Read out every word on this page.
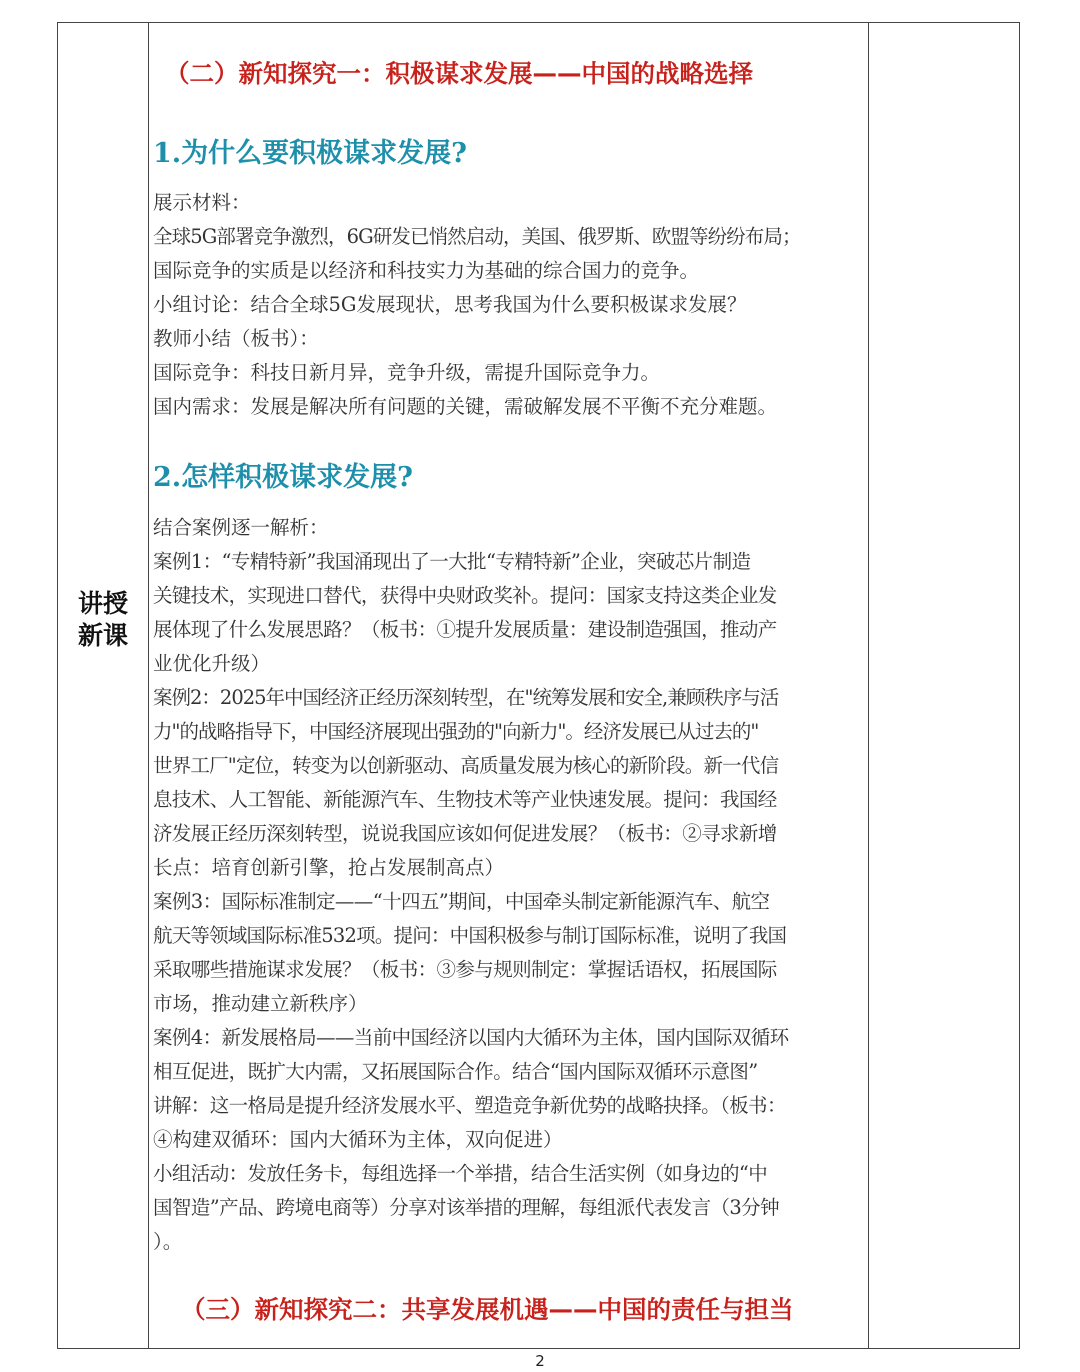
讲授
新课
（二）新知探究一：积极谋求发展——中国的战略选择
1.为什么要积极谋求发展?

展示材料：

全球5G部署竞争激烈，6G研发已悄然启动，美国、俄罗斯、欧盟等纷纷布局；

国际竞争的实质是以经济和科技实力为基础的综合国力的竞争。

小组讨论：结合全球5G发展现状，思考我国为什么要积极谋求发展？

教师小结（板书）：

国际竞争：科技日新月异，竞争升级，需提升国际竞争力。

国内需求：发展是解决所有问题的关键，需破解发展不平衡不充分难题。

2.怎样积极谋求发展?

结合案例逐一解析：

案例1：“专精特新”我国涌现出了一大批“专精特新”企业，突破芯片制造

关键技术，实现进口替代，获得中央财政奖补。提问：国家支持这类企业发

展体现了什么发展思路？（板书：①提升发展质量：建设制造强国，推动产

业优化升级）

案例2：2025年中国经济正经历深刻转型，在"统筹发展和安全,兼顾秩序与活

力"的战略指导下，中国经济展现出强劲的"向新力"。经济发展已从过去的"

世界工厂"定位，转变为以创新驱动、高质量发展为核心的新阶段。新一代信

息技术、人工智能、新能源汽车、生物技术等产业快速发展。提问：我国经

济发展正经历深刻转型，说说我国应该如何促进发展？（板书：②寻求新增

长点：培育创新引擎，抢占发展制高点）

案例3：国际标准制定——“十四五”期间，中国牵头制定新能源汽车、航空

航天等领域国际标准532项。提问：中国积极参与制订国际标准，说明了我国

采取哪些措施谋求发展？（板书：③参与规则制定：掌握话语权，拓展国际

市场，推动建立新秩序）

案例4：新发展格局——当前中国经济以国内大循环为主体，国内国际双循环

相互促进，既扩大内需，又拓展国际合作。结合“国内国际双循环示意图”

讲解：这一格局是提升经济发展水平、塑造竞争新优势的战略抉择。（板书：

④构建双循环：国内大循环为主体，双向促进）

小组活动：发放任务卡，每组选择一个举措，结合生活实例（如身边的“中

国智造”产品、跨境电商等）分享对该举措的理解，每组派代表发言（3分钟

）。

（三）新知探究二：共享发展机遇——中国的责任与担当
2
